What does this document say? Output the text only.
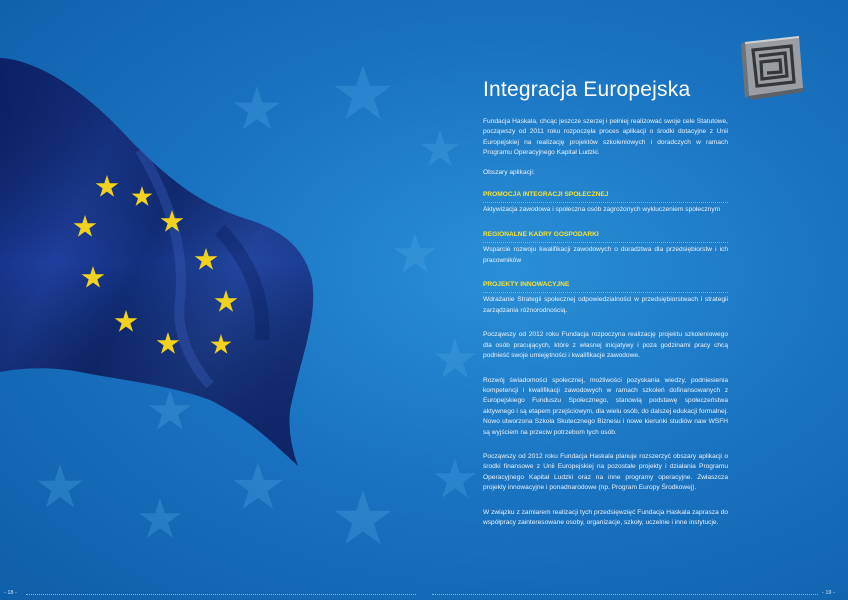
Integracja Europejska

Fundacja Haskala, chcąc jeszcze szerzej i pełniej realizować swoje cele Statutowe, począwszy od 2011 roku rozpoczęła proces aplikacji o środki dotacyjne z Unii Europejskiej na realizację projektów szkoleniowych i doradczych w ramach Programu Operacyjnego Kapitał Ludzki.

Obszary aplikacji:

PROMOCJA INTEGRACJI SPOŁECZNEJ

Aktywizacja zawodowa i społeczna osób zagrożonych wykluczeniem społecznym

REGIONALNE KADRY GOSPODARKI

Wsparcie rozwoju kwalifikacji zawodowych o doradztwa dla przedsiębiorstw i ich pracowników

PROJEKTY INNOWACYJNE

Wdrażanie Strategii społecznej odpowiedzialności w przedsiębiorstwach i strategii zarządzania różnorodnością.

Począwszy od 2012 roku Fundacja rozpoczyna realizację projektu szkoleniowego dla osób pracujących, które z własnej inicjatywy i poza godzinami pracy chcą podnieść swoje umiejętności i kwalifikacje zawodowe.

Rozwój świadomości społecznej, możliwości pozyskania wiedzy, podniesienia kompetencji i kwalifikacji zawodowych w ramach szkoleń dofinansowanych z Europejskiego Funduszu Społecznego, stanowią podstawę społeczeństwa aktywnego i są etapem przejściowym, dla wielu osób, do dalszej edukacji formalnej. Nowo utworzona Szkoła Skutecznego Biznesu i nowe kierunki studiów naw WSFH są wyjściem na przeciw potrzebom tych osób.

Począwszy od 2012 roku Fundacja Haskala planuje rozszerzyć obszary aplikacji o środki finansowe z Unii Europejskiej na pozostałe projekty i działania Programu Operacyjnego Kapitał Ludzki oraz na inne programy operacyjne. Zwłaszcza projekty innowacyjne i ponadnarodowe (np. Program Europy Środkowej).

W związku z zamiarem realizacji tych przedsięwzięć Fundacja Haskala zaprasza do współpracy zainteresowane osoby, organizacje, szkoły, uczelnie i inne instytucje.

- 18 -	- 19 -
